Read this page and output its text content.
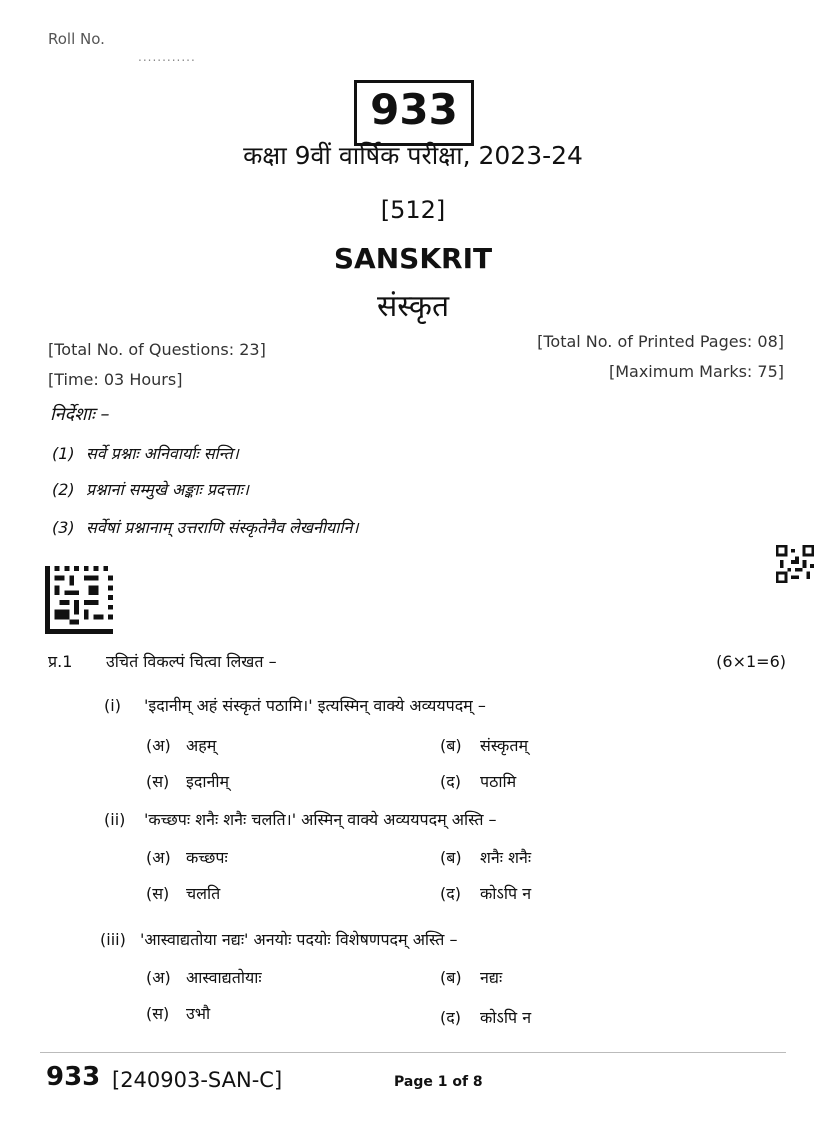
Roll No.
............
933
कक्षा 9वीं वार्षिक परीक्षा, 2023-24
[512]
SANSKRIT
संस्कृत
[Total No. of Questions: 23]
[Time: 03 Hours]
[Total No. of Printed Pages: 08]
[Maximum Marks: 75]
निर्देशाः –
(1) सर्वे प्रश्नाः अनिवार्याः सन्ति।
(2) प्रश्नानां सम्मुखे अङ्काः प्रदत्ताः।
(3) सर्वेषां प्रश्नानाम् उत्तराणि संस्कृतेनैव लेखनीयानि।
प्र.1 उचितं विकल्पं चित्वा लिखत –	(6×1=6)
(i) 'इदानीम् अहं संस्कृतं पठामि।' इत्यस्मिन् वाक्ये अव्ययपदम् –
(अ) अहम्	(ब) संस्कृतम्
(स) इदानीम्	(द) पठामि
(ii) 'कच्छपः शनैः शनैः चलति।' अस्मिन् वाक्ये अव्ययपदम् अस्ति –
(अ) कच्छपः	(ब) शनैः शनैः
(स) चलति	(द) कोऽपि न
(iii) 'आस्वाद्यतोया नद्यः' अनयोः पदयोः विशेषणपदम् अस्ति –
(अ) आस्वाद्यतोयाः	(ब) नद्यः
(स) उभौ	(द) कोऽपि न
933 [240903-SAN-C]	Page 1 of 8
